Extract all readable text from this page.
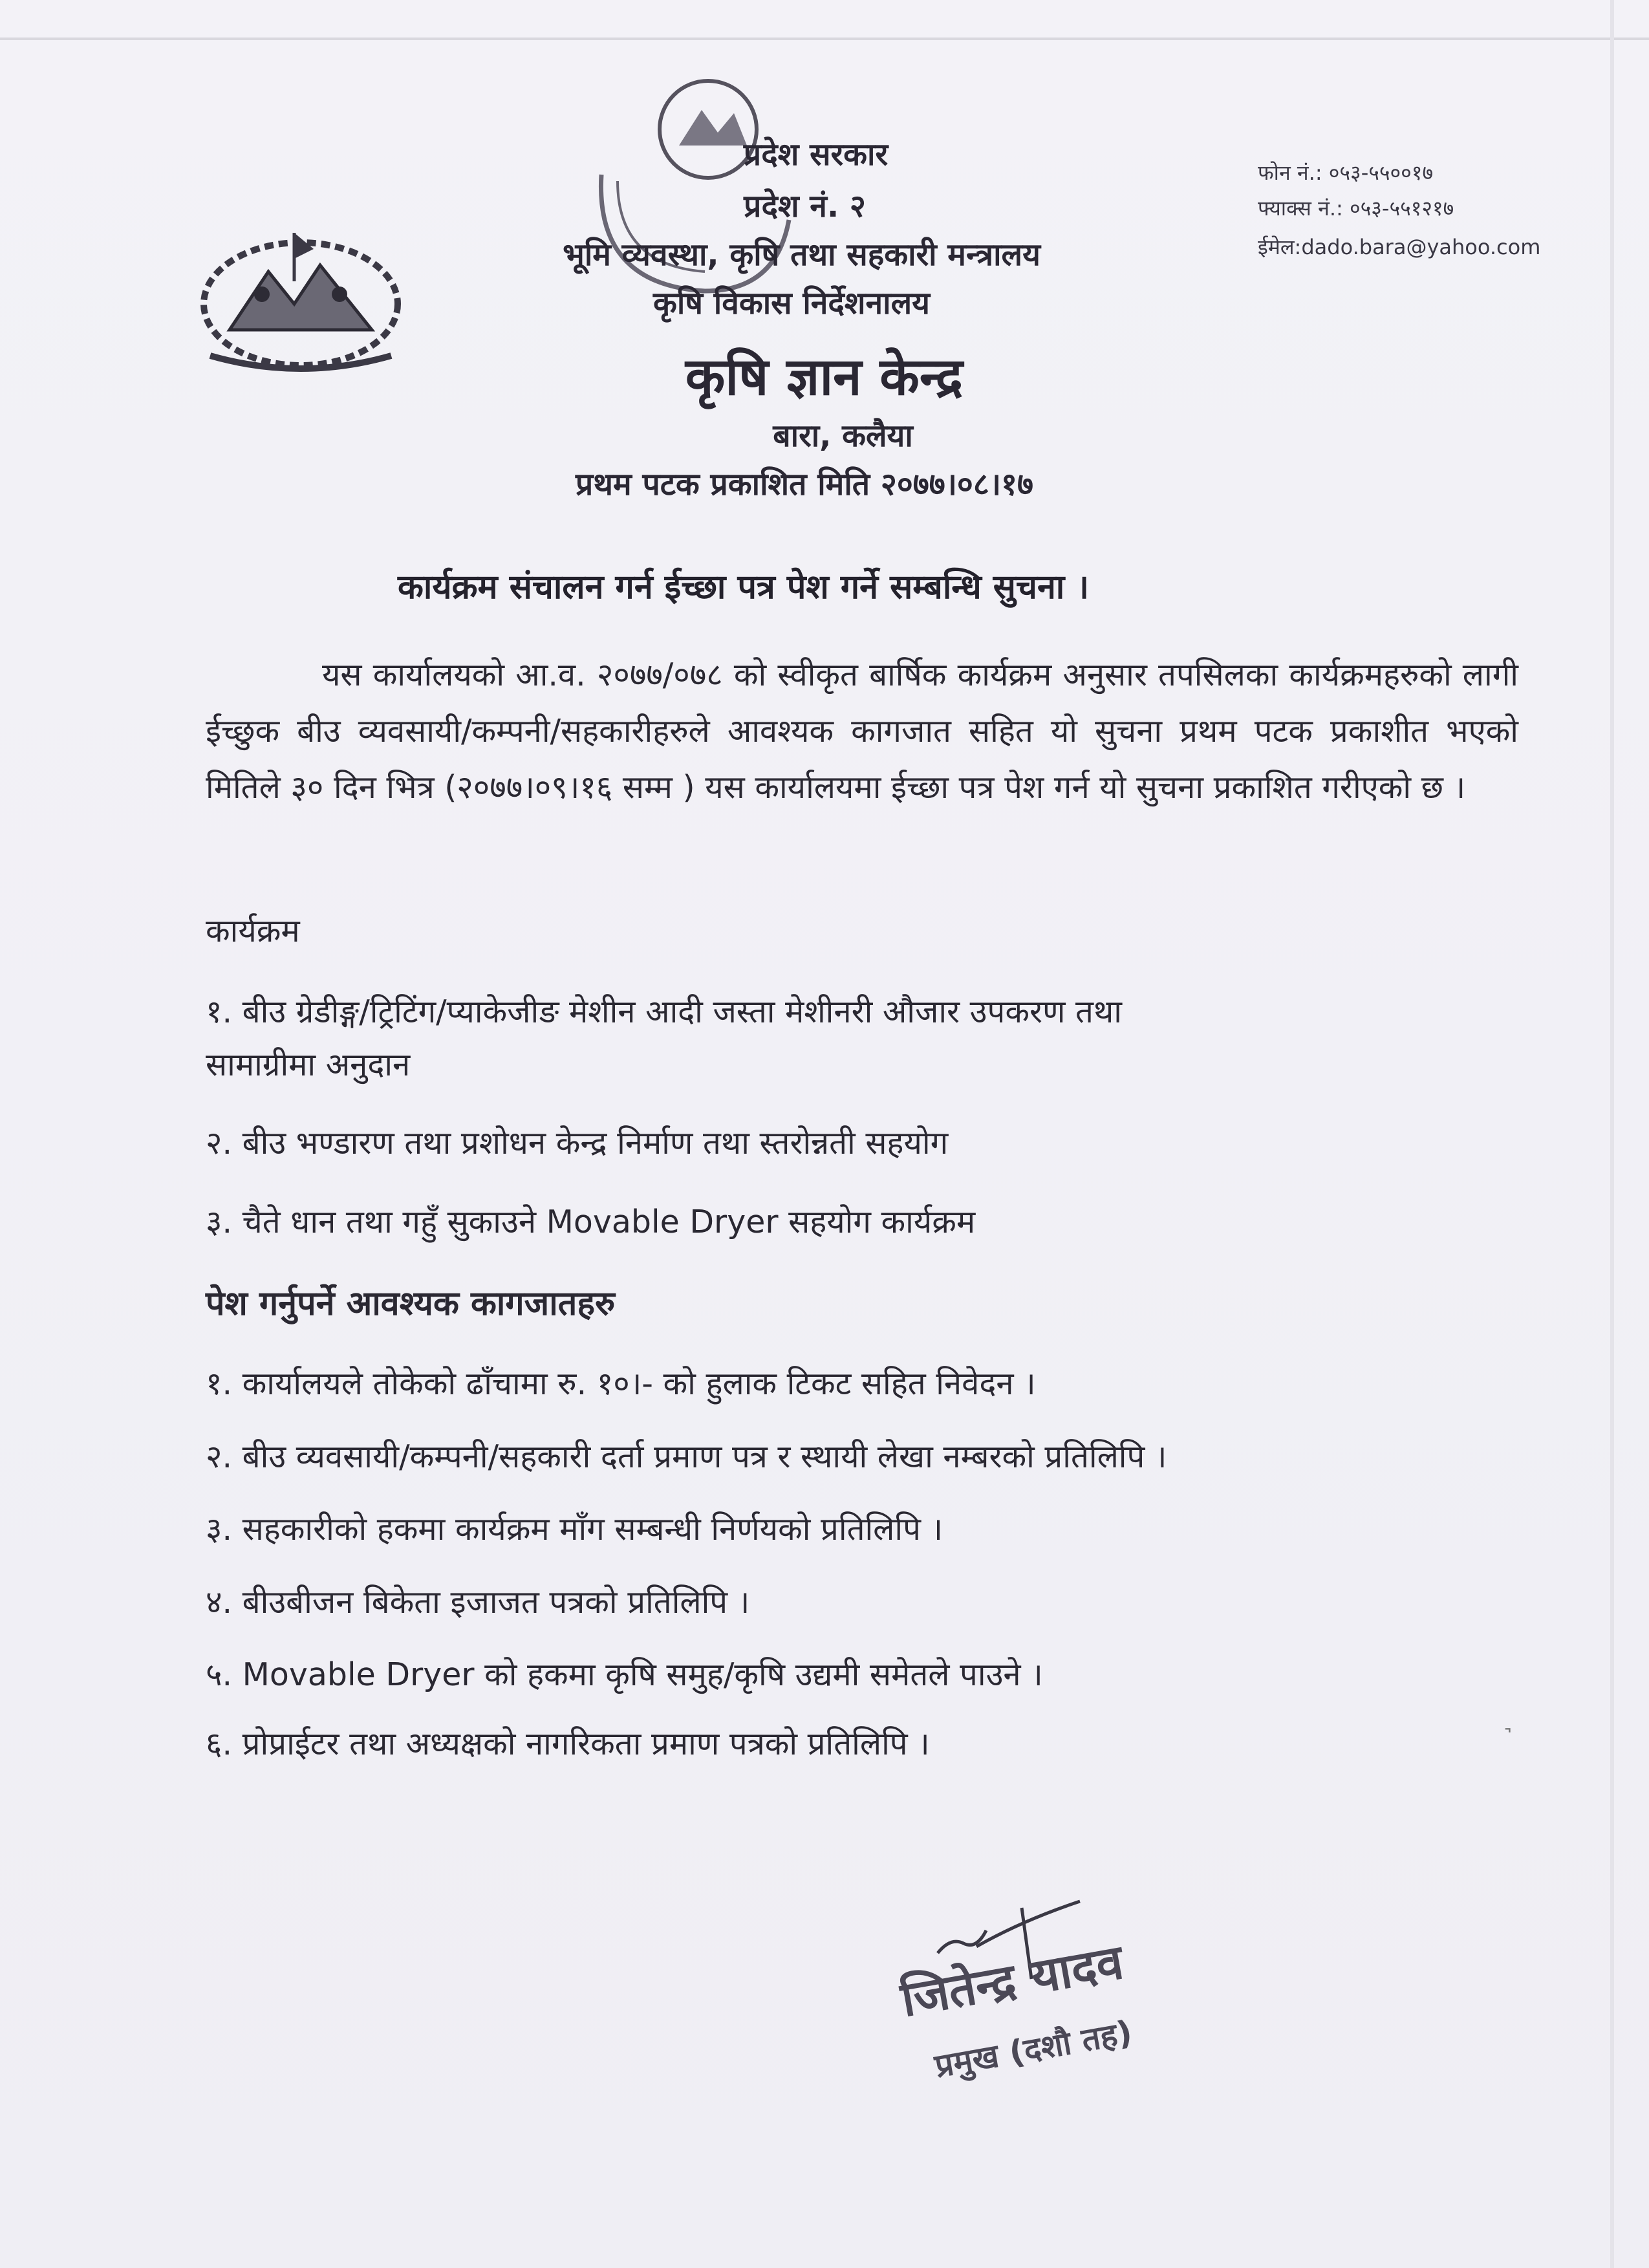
प्रदेश सरकार
प्रदेश नं. २
भूमि व्यवस्था, कृषि तथा सहकारी मन्त्रालय
कृषि विकास निर्देशनालय
कृषि ज्ञान केन्द्र
बारा, कलैया
प्रथम पटक प्रकाशित मिति २०७७।०८।१७
फोन नं.: ०५३-५५००१७
फ्याक्स नं.: ०५३-५५१२१७
ईमेल:dado.bara@yahoo.com
कार्यक्रम संचालन गर्न ईच्छा पत्र पेश गर्ने सम्बन्धि सुचना ।
यस कार्यालयको आ.व. २०७७/०७८ को स्वीकृत बार्षिक कार्यक्रम अनुसार तपसिलका कार्यक्रमहरुको लागी ईच्छुक बीउ व्यवसायी/कम्पनी/सहकारीहरुले आवश्यक कागजात सहित यो सुचना प्रथम पटक प्रकाशीत भएको मितिले ३० दिन भित्र (२०७७।०९।१६ सम्म ) यस कार्यालयमा ईच्छा पत्र पेश गर्न यो सुचना प्रकाशित गरीएको छ ।
कार्यक्रम
१. बीउ ग्रेडीङ्ग/ट्रिटिंग/प्याकेजीङ मेशीन आदी जस्ता मेशीनरी औजार उपकरण तथा
सामाग्रीमा अनुदान
२. बीउ भण्डारण तथा प्रशोधन केन्द्र निर्माण तथा स्तरोन्नती सहयोग
३. चैते धान तथा गहुँ सुकाउने Movable Dryer सहयोग कार्यक्रम
पेश गर्नुपर्ने आवश्यक कागजातहरु
१. कार्यालयले तोकेको ढाँचामा रु. १०।- को हुलाक टिकट सहित निवेदन ।
२. बीउ व्यवसायी/कम्पनी/सहकारी दर्ता प्रमाण पत्र र स्थायी लेखा नम्बरको प्रतिलिपि ।
३. सहकारीको हकमा कार्यक्रम माँग सम्बन्धी निर्णयको प्रतिलिपि ।
४. बीउबीजन बिकेता इजाजत पत्रको प्रतिलिपि ।
५. Movable Dryer को हकमा कृषि समुह/कृषि उद्यमी समेतले पाउने ।
६. प्रोप्राईटर तथा अध्यक्षको नागरिकता प्रमाण पत्रको प्रतिलिपि ।	˺
जितेन्द्र यादव
प्रमुख (दशौ तह)
